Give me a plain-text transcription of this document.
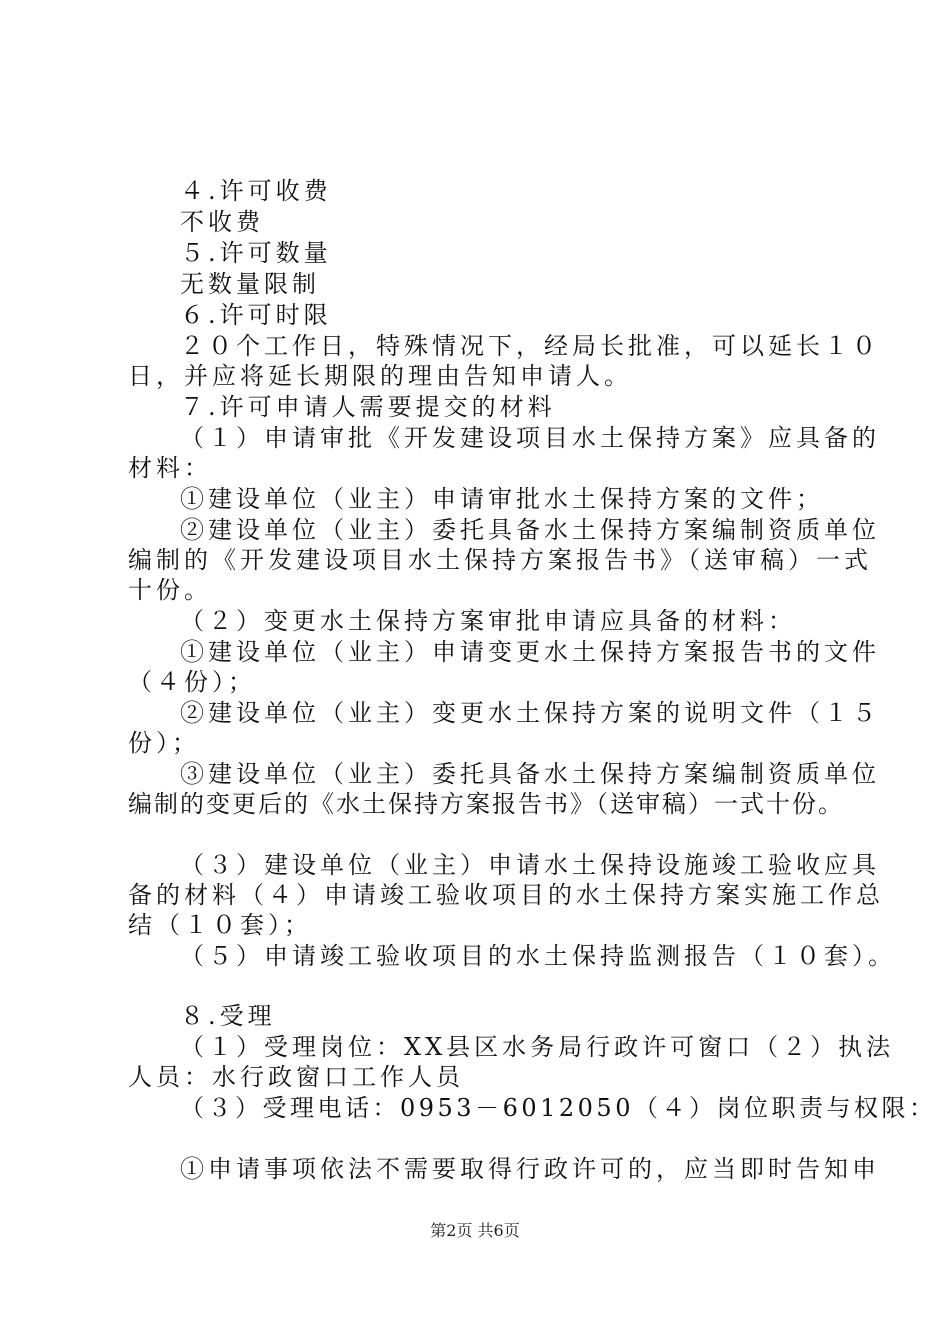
４.许可收费
不收费
５.许可数量
无数量限制
６.许可时限
２０个工作日，特殊情况下，经局长批准，可以延长１０
日，并应将延长期限的理由告知申请人。
７.许可申请人需要提交的材料
（１）申请审批《开发建设项目水土保持方案》应具备的
材料：
①建设单位（业主）申请审批水土保持方案的文件；
②建设单位（业主）委托具备水土保持方案编制资质单位
编制的《开发建设项目水土保持方案报告书》（送审稿）一式
十份。
（２）变更水土保持方案审批申请应具备的材料：
①建设单位（业主）申请变更水土保持方案报告书的文件
（４份）；
②建设单位（业主）变更水土保持方案的说明文件（１５
份）；
③建设单位（业主）委托具备水土保持方案编制资质单位
编制的变更后的《水土保持方案报告书》（送审稿）一式十份。
（３）建设单位（业主）申请水土保持设施竣工验收应具
备的材料（４）申请竣工验收项目的水土保持方案实施工作总
结（１０套）；
（５）申请竣工验收项目的水土保持监测报告（１０套）。
８.受理
（１）受理岗位：XX县区水务局行政许可窗口（２）执法
人员：水行政窗口工作人员
（３）受理电话：0953－6012050（４）岗位职责与权限：
①申请事项依法不需要取得行政许可的，应当即时告知申
第2页 共6页
